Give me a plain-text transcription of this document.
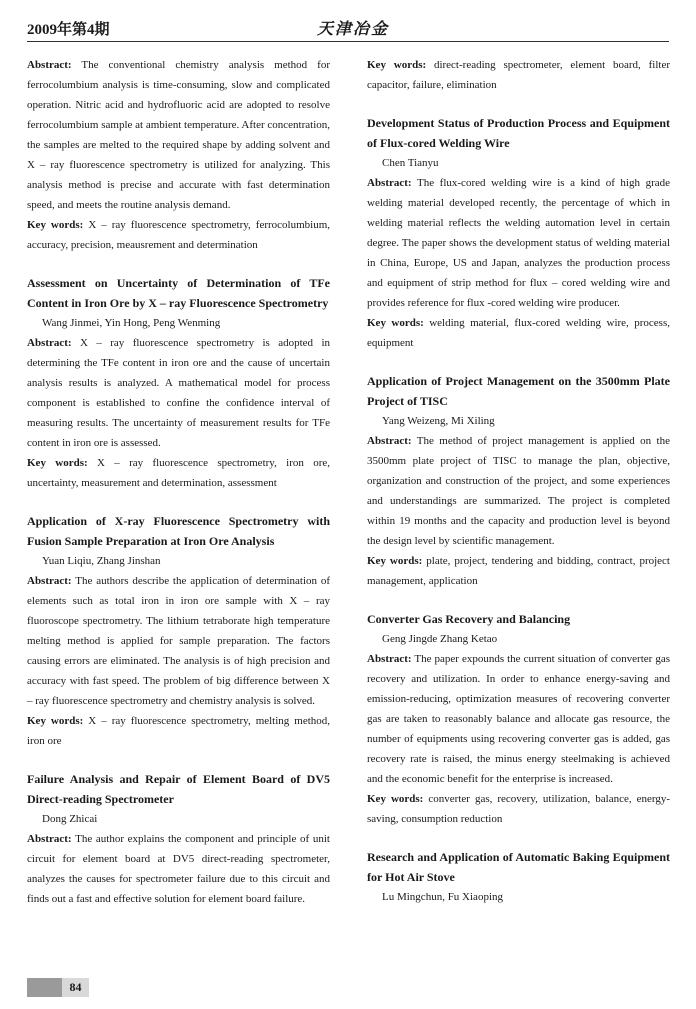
2009年第4期	天津冶金

Abstract: The conventional chemistry analysis method for ferrocolumbium analysis is time-consuming, slow and complicated operation. Nitric acid and hydrofluoric acid are adopted to resolve ferrocolumbium sample at ambient temperature. After concentration, the samples are melted to the required shape by adding solvent and X – ray fluorescence spectrometry is utilized for analyzing. This analysis method is precise and accurate with fast determination speed, and meets the routine analysis demand.

Key words: X – ray fluorescence spectrometry, ferrocolumbium, accuracy, precision, meausrement and determination

Assessment on Uncertainty of Determination of TFe Content in Iron Ore by X – ray Fluorescence Spectrometry

Wang Jinmei, Yin Hong, Peng Wenming

Abstract: X – ray fluorescence spectrometry is adopted in determining the TFe content in iron ore and the cause of uncertain analysis results is analyzed. A mathematical model for process component is established to confine the confidence interval of measuring results. The uncertainty of measurement results for TFe content in iron ore is assessed.

Key words: X – ray fluorescence spectrometry, iron ore, uncertainty, measurement and determination, assessment

Application of X-ray Fluorescence Spectrometry with Fusion Sample Preparation at Iron Ore Analysis

Yuan Liqiu, Zhang Jinshan

Abstract: The authors describe the application of determination of elements such as total iron in iron ore sample with X – ray fluoroscope spectrometry. The lithium tetraborate high temperature melting method is applied for sample preparation. The factors causing errors are eliminated. The analysis is of high precision and accuracy with fast speed. The problem of big difference between X – ray fluorescence spectrometry and chemistry analysis is solved.

Key words: X – ray fluorescence spectrometry, melting method, iron ore

Failure Analysis and Repair of Element Board of DV5 Direct-reading Spectrometer

Dong Zhicai

Abstract: The author explains the component and principle of unit circuit for element board at DV5 direct-reading spectrometer, analyzes the causes for spectrometer failure due to this circuit and finds out a fast and effective solution for element board failure.

Key words: direct-reading spectrometer, element board, filter capacitor, failure, elimination

Development Status of Production Process and Equipment of Flux-cored Welding Wire

Chen Tianyu

Abstract: The flux-cored welding wire is a kind of high grade welding material developed recently, the percentage of which in welding material reflects the welding automation level in certain degree. The paper shows the development status of welding material in China, Europe, US and Japan, analyzes the production process and equipment of strip method for flux – cored welding wire and provides reference for flux -cored welding wire producer.

Key words: welding material, flux-cored welding wire, process, equipment

Application of Project Management on the 3500mm Plate Project of TISC

Yang Weizeng, Mi Xiling

Abstract: The method of project management is applied on the 3500mm plate project of TISC to manage the plan, objective, organization and construction of the project, and some experiences and understandings are summarized. The project is completed within 19 months and the capacity and production level is beyond the design level by scientific management.

Key words: plate, project, tendering and bidding, contract, project management, application

Converter Gas Recovery and Balancing

Geng Jingde Zhang Ketao

Abstract: The paper expounds the current situation of converter gas recovery and utilization. In order to enhance energy-saving and emission-reducing, optimization measures of recovering converter gas are taken to reasonably balance and allocate gas resource, the number of equipments using recovering converter gas is added, gas recovery rate is raised, the minus energy steelmaking is achieved and the economic benefit for the enterprise is increased.

Key words: converter gas, recovery, utilization, balance, energy-saving, consumption reduction

Research and Application of Automatic Baking Equipment for Hot Air Stove

Lu Mingchun, Fu Xiaoping

84
